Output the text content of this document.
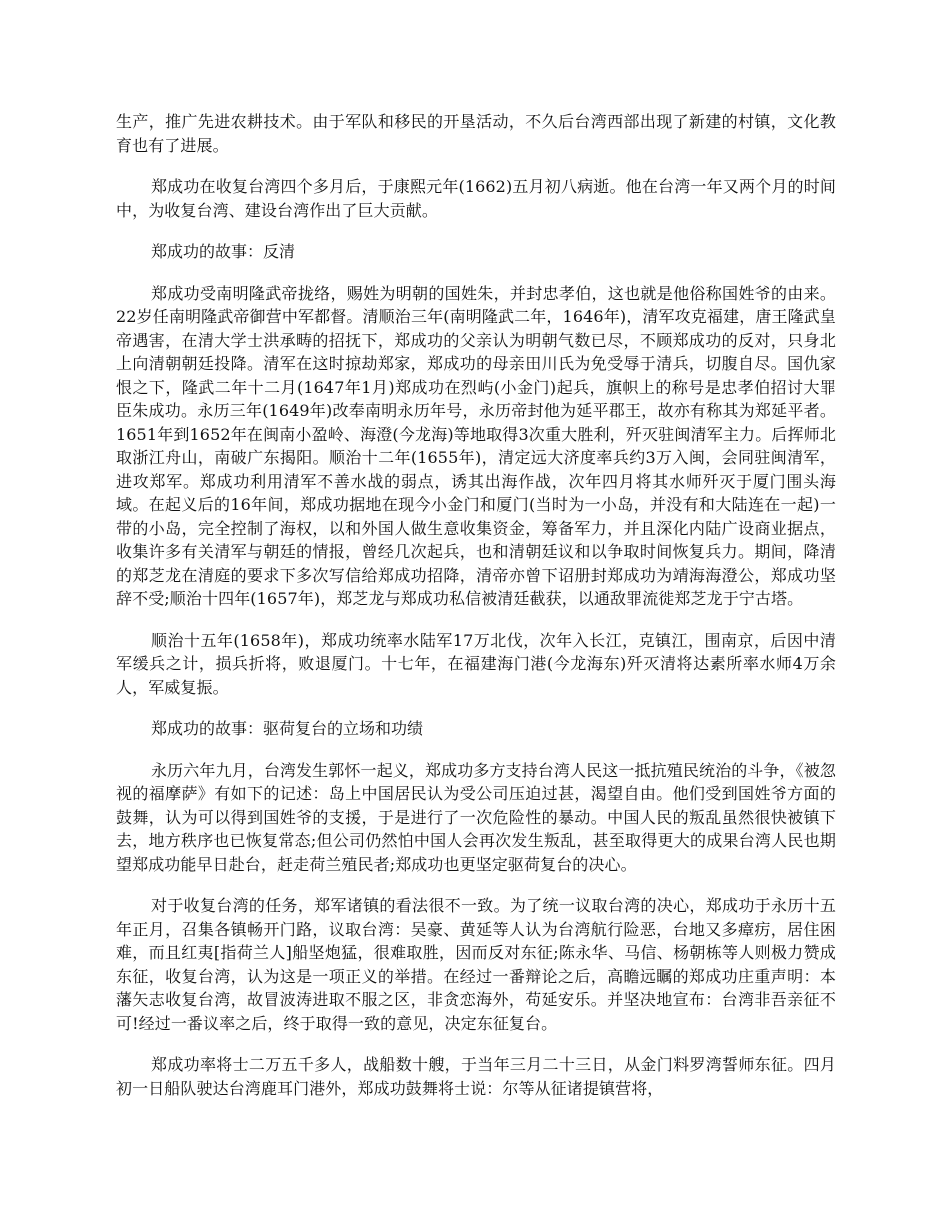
生产，推广先进农耕技术。由于军队和移民的开垦活动，不久后台湾西部出现了新建的村镇，文化教育也有了进展。

郑成功在收复台湾四个多月后，于康熙元年(1662)五月初八病逝。他在台湾一年又两个月的时间中，为收复台湾、建设台湾作出了巨大贡献。

郑成功的故事：反清

郑成功受南明隆武帝拢络，赐姓为明朝的国姓朱，并封忠孝伯，这也就是他俗称国姓爷的由来。22岁任南明隆武帝御营中军都督。清顺治三年(南明隆武二年，1646年)，清军攻克福建，唐王隆武皇帝遇害，在清大学士洪承畴的招抚下，郑成功的父亲认为明朝气数已尽，不顾郑成功的反对，只身北上向清朝朝廷投降。清军在这时掠劫郑家，郑成功的母亲田川氏为免受辱于清兵，切腹自尽。国仇家恨之下，隆武二年十二月(1647年1月)郑成功在烈屿(小金门)起兵，旗帜上的称号是忠孝伯招讨大罪臣朱成功。永历三年(1649年)改奉南明永历年号，永历帝封他为延平郡王，故亦有称其为郑延平者。1651年到1652年在闽南小盈岭、海澄(今龙海)等地取得3次重大胜利，歼灭驻闽清军主力。后挥师北取浙江舟山，南破广东揭阳。顺治十二年(1655年)，清定远大济度率兵约3万入闽，会同驻闽清军，进攻郑军。郑成功利用清军不善水战的弱点，诱其出海作战，次年四月将其水师歼灭于厦门围头海域。在起义后的16年间，郑成功据地在现今小金门和厦门(当时为一小岛，并没有和大陆连在一起)一带的小岛，完全控制了海权，以和外国人做生意收集资金，筹备军力，并且深化内陆广设商业据点，收集许多有关清军与朝廷的情报，曾经几次起兵，也和清朝廷议和以争取时间恢复兵力。期间，降清的郑芝龙在清庭的要求下多次写信给郑成功招降，清帝亦曾下诏册封郑成功为靖海海澄公，郑成功坚辞不受;顺治十四年(1657年)，郑芝龙与郑成功私信被清廷截获，以通敌罪流徙郑芝龙于宁古塔。

顺治十五年(1658年)，郑成功统率水陆军17万北伐，次年入长江，克镇江，围南京，后因中清军缓兵之计，损兵折将，败退厦门。十七年，在福建海门港(今龙海东)歼灭清将达素所率水师4万余人，军威复振。

郑成功的故事：驱荷复台的立场和功绩

永历六年九月，台湾发生郭怀一起义，郑成功多方支持台湾人民这一抵抗殖民统治的斗争，《被忽视的福摩萨》有如下的记述：岛上中国居民认为受公司压迫过甚，渴望自由。他们受到国姓爷方面的鼓舞，认为可以得到国姓爷的支援，于是进行了一次危险性的暴动。中国人民的叛乱虽然很快被镇下去，地方秩序也已恢复常态;但公司仍然怕中国人会再次发生叛乱，甚至取得更大的成果台湾人民也期望郑成功能早日赴台，赶走荷兰殖民者;郑成功也更坚定驱荷复台的决心。

对于收复台湾的任务，郑军诸镇的看法很不一致。为了统一议取台湾的决心，郑成功于永历十五年正月，召集各镇畅开门路，议取台湾：吴豪、黄延等人认为台湾航行险恶，台地又多瘴疠，居住困难，而且红夷[指荷兰人]船坚炮猛，很难取胜，因而反对东征;陈永华、马信、杨朝栋等人则极力赞成东征，收复台湾，认为这是一项正义的举措。在经过一番辩论之后，高瞻远瞩的郑成功庄重声明：本藩矢志收复台湾，故冒波涛进取不服之区，非贪恋海外，苟延安乐。并坚决地宣布：台湾非吾亲征不可!经过一番议率之后，终于取得一致的意见，决定东征复台。

郑成功率将士二万五千多人，战船数十艘，于当年三月二十三日，从金门料罗湾誓师东征。四月初一日船队驶达台湾鹿耳门港外，郑成功鼓舞将士说：尔等从征诸提镇营将，
